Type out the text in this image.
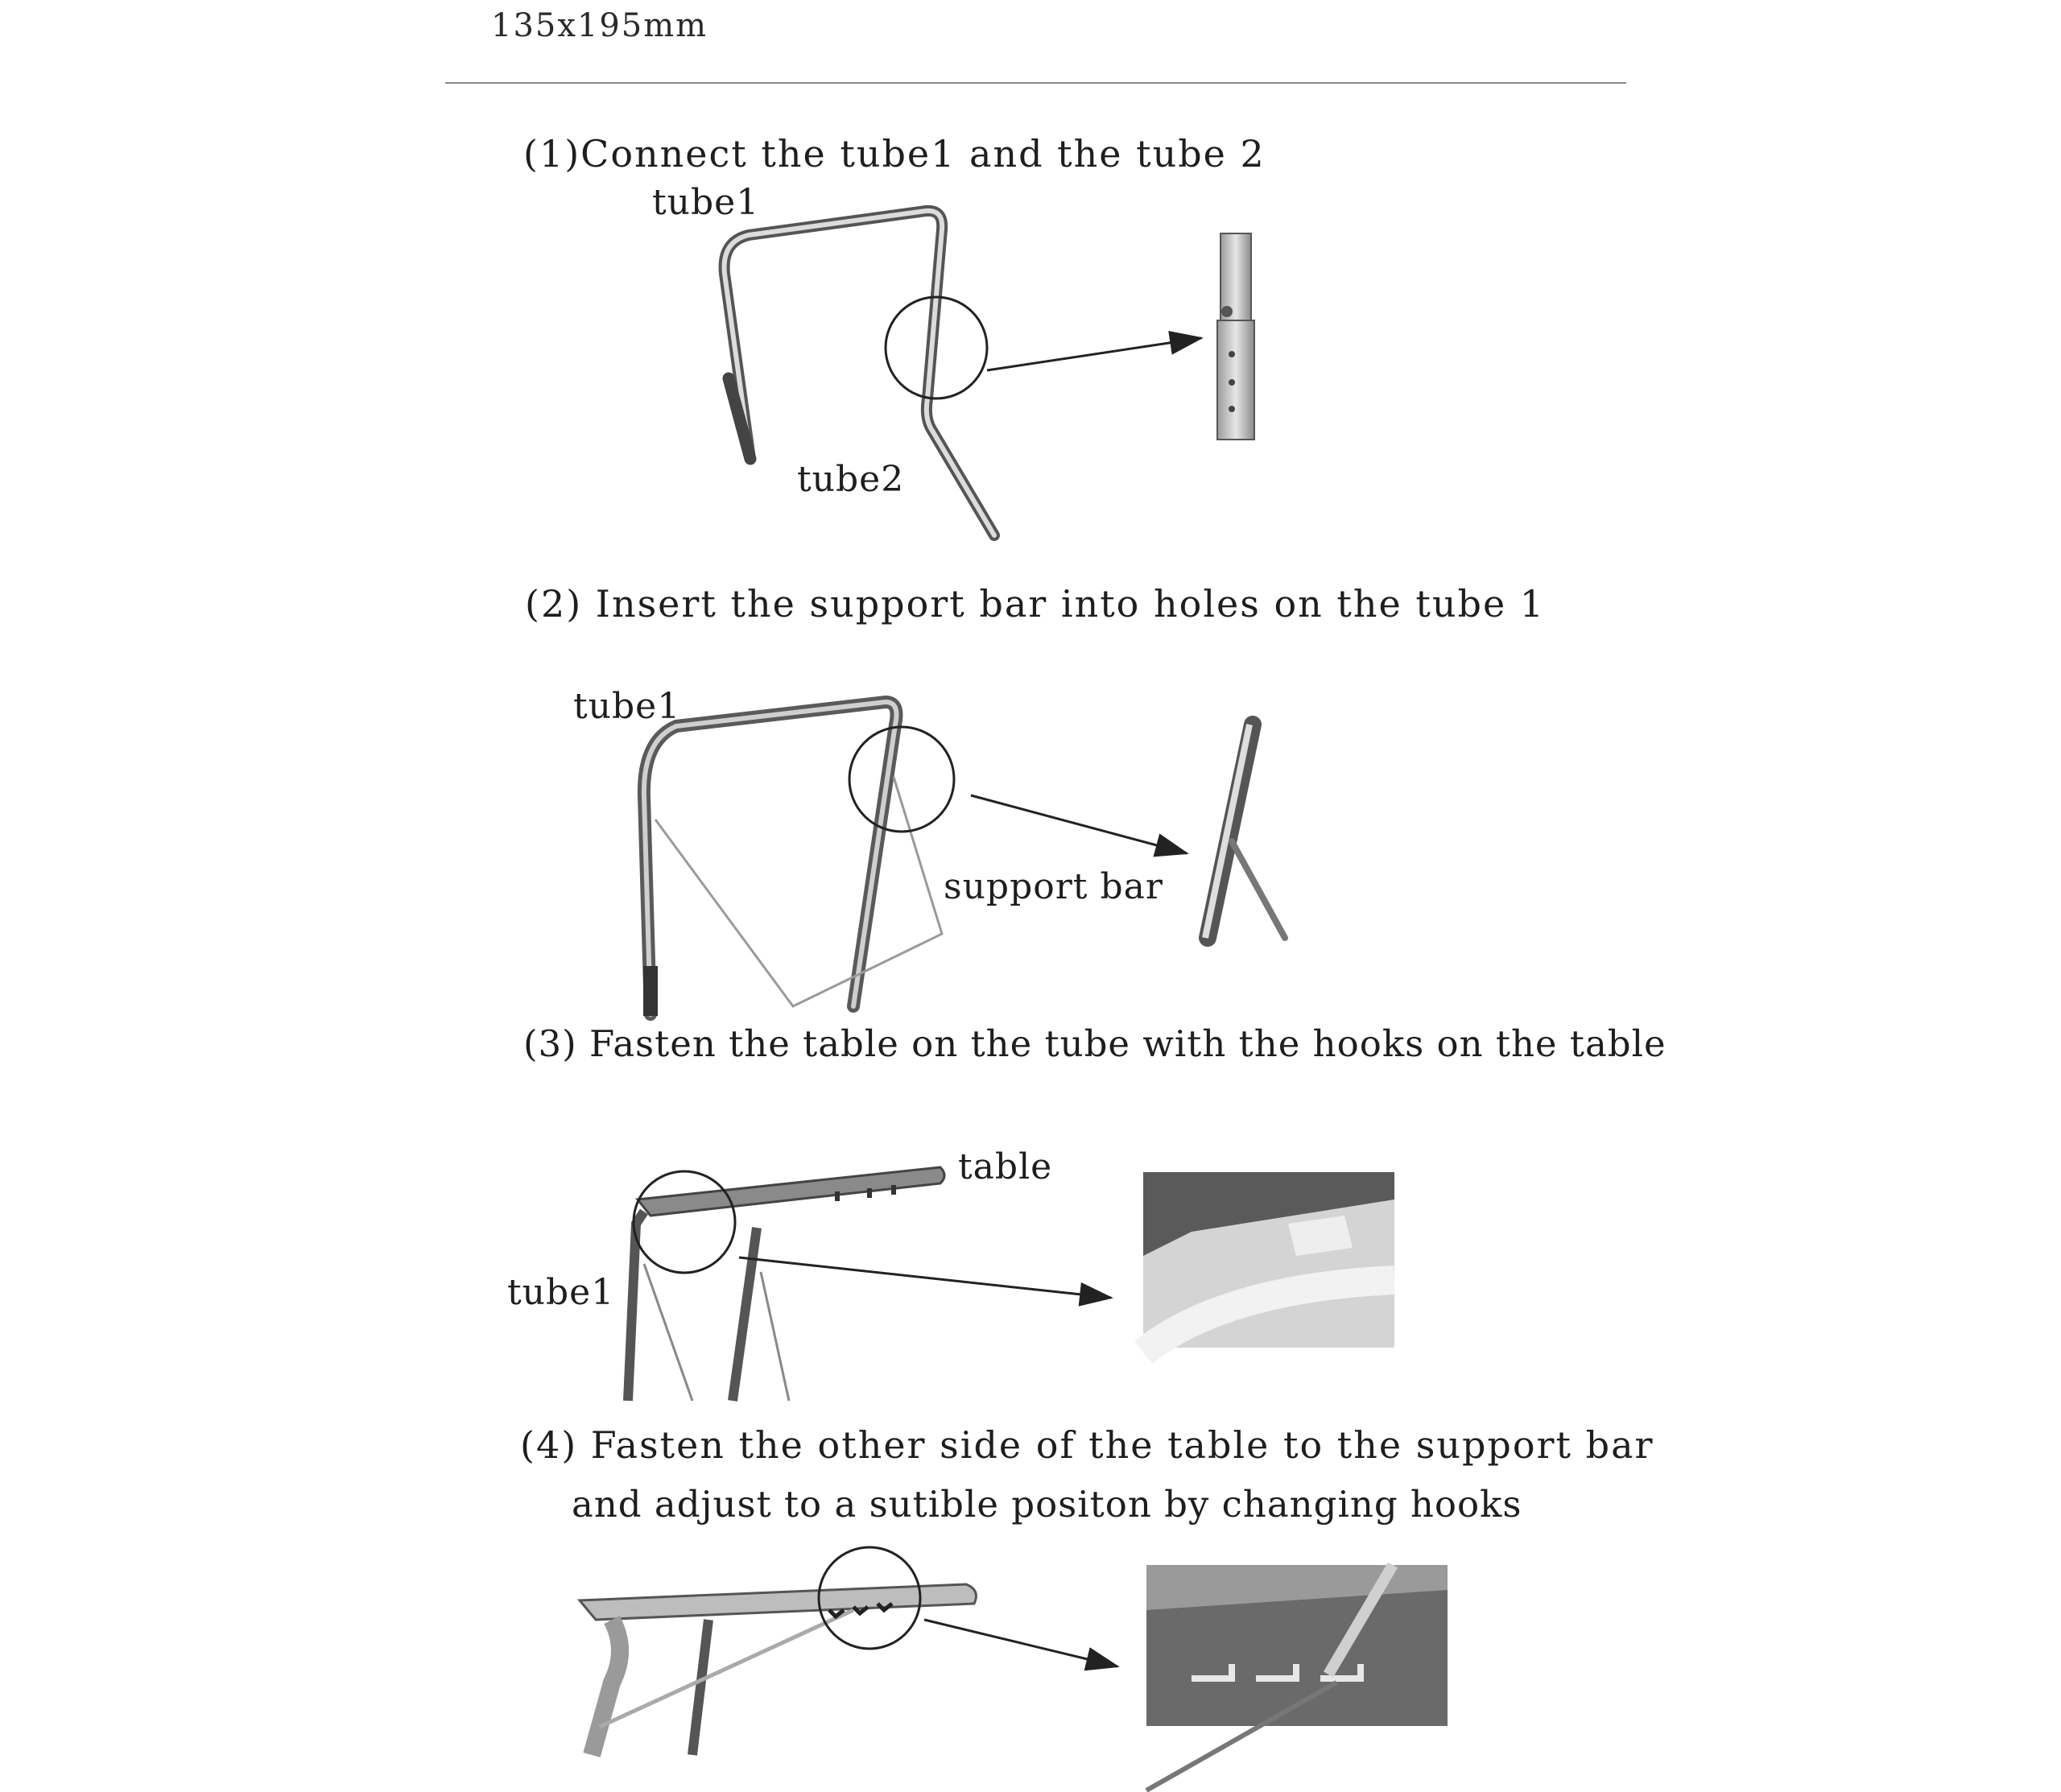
135x195mm
(1)Connect the tube1 and the tube 2
tube1
tube2
(2) Insert the support bar into holes on the tube 1
tube1
support bar
(3) Fasten the table on the tube with the hooks on the table
table
tube1
(4) Fasten the other side of the table to the support bar
and adjust to a sutible positon by changing hooks
